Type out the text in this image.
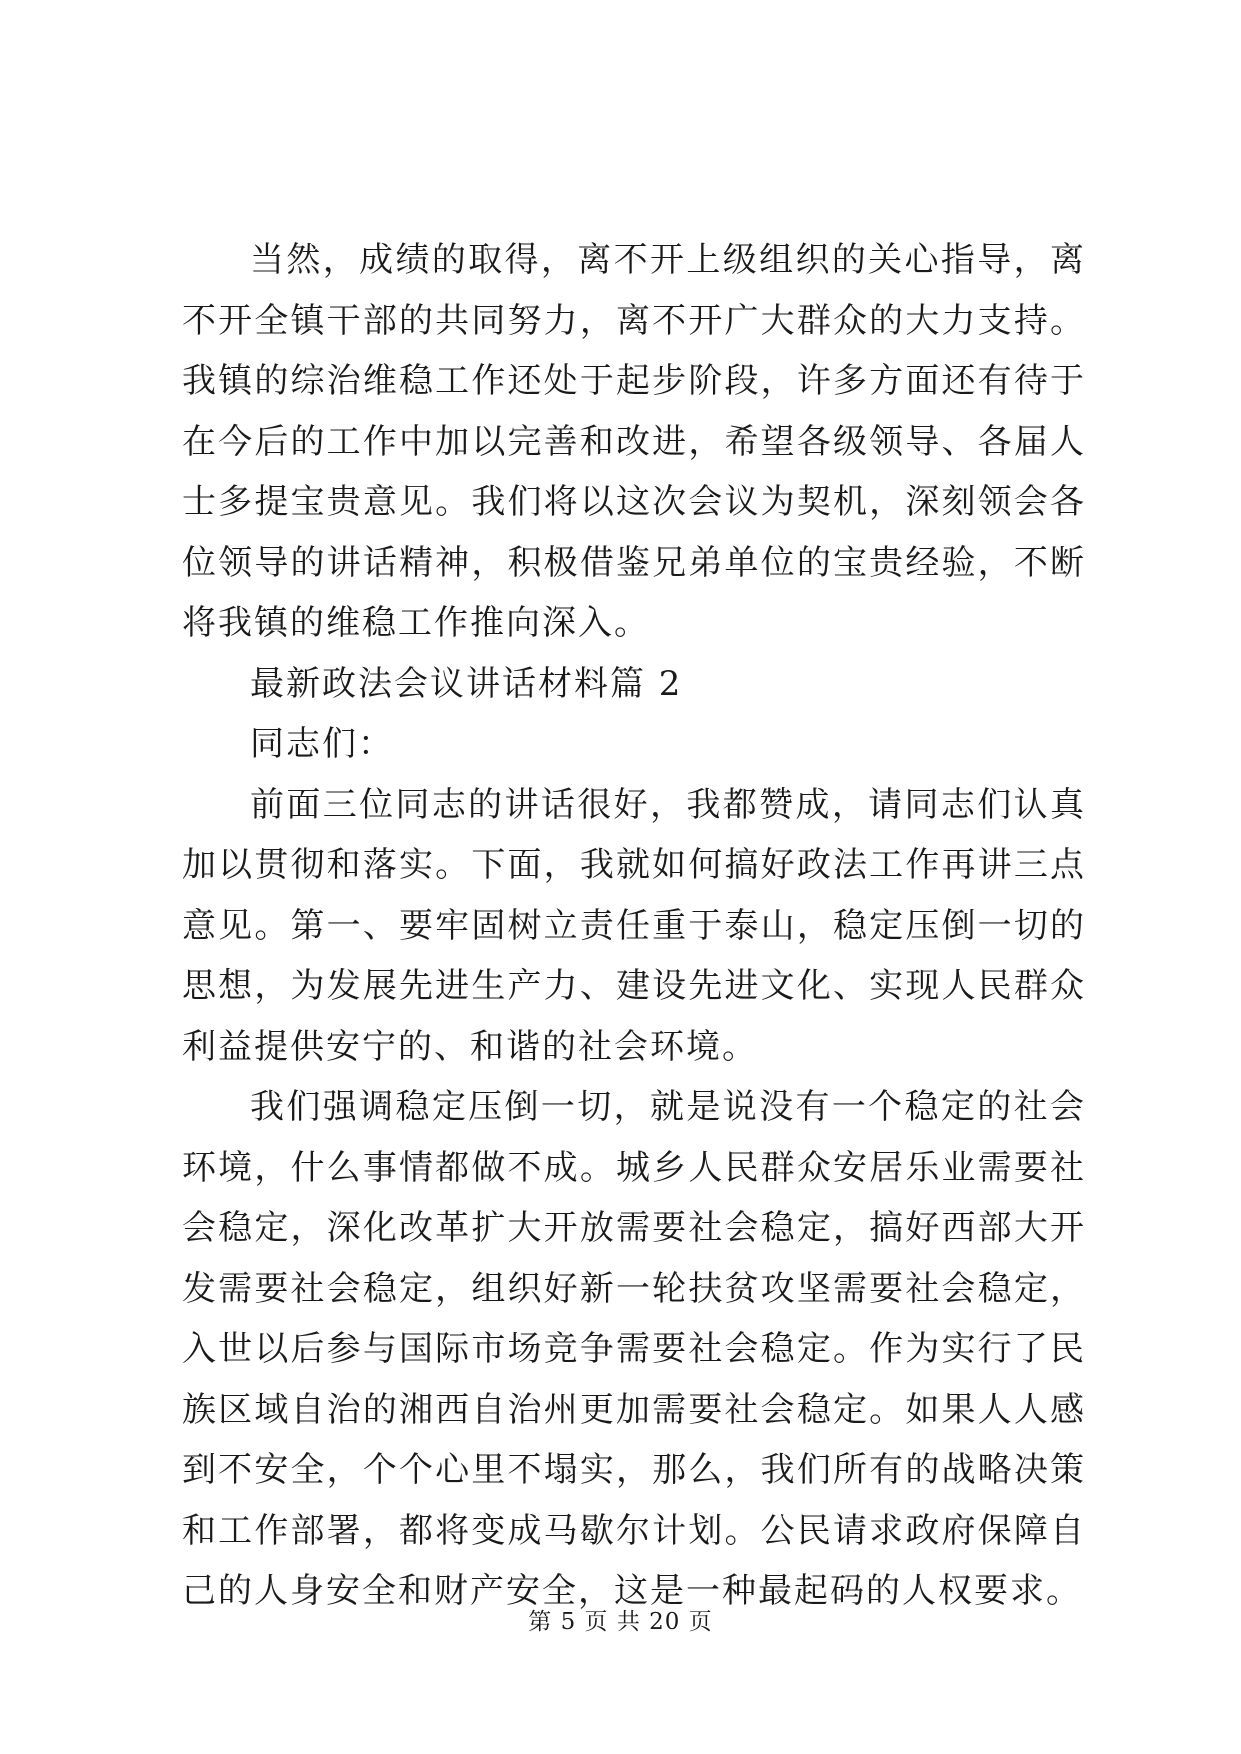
当然，成绩的取得，离不开上级组织的关心指导，离不开全镇干部的共同努力，离不开广大群众的大力支持。我镇的综治维稳工作还处于起步阶段，许多方面还有待于在今后的工作中加以完善和改进，希望各级领导、各届人士多提宝贵意见。我们将以这次会议为契机，深刻领会各位领导的讲话精神，积极借鉴兄弟单位的宝贵经验，不断将我镇的维稳工作推向深入。

最新政法会议讲话材料篇 2

同志们：

前面三位同志的讲话很好，我都赞成，请同志们认真加以贯彻和落实。下面，我就如何搞好政法工作再讲三点意见。第一、要牢固树立责任重于泰山，稳定压倒一切的思想，为发展先进生产力、建设先进文化、实现人民群众利益提供安宁的、和谐的社会环境。

我们强调稳定压倒一切，就是说没有一个稳定的社会环境，什么事情都做不成。城乡人民群众安居乐业需要社会稳定，深化改革扩大开放需要社会稳定，搞好西部大开发需要社会稳定，组织好新一轮扶贫攻坚需要社会稳定，入世以后参与国际市场竞争需要社会稳定。作为实行了民族区域自治的湘西自治州更加需要社会稳定。如果人人感到不安全，个个心里不塌实，那么，我们所有的战略决策和工作部署，都将变成马歇尔计划。公民请求政府保障自己的人身安全和财产安全，这是一种最起码的人权要求。

第 5 页 共 20 页
